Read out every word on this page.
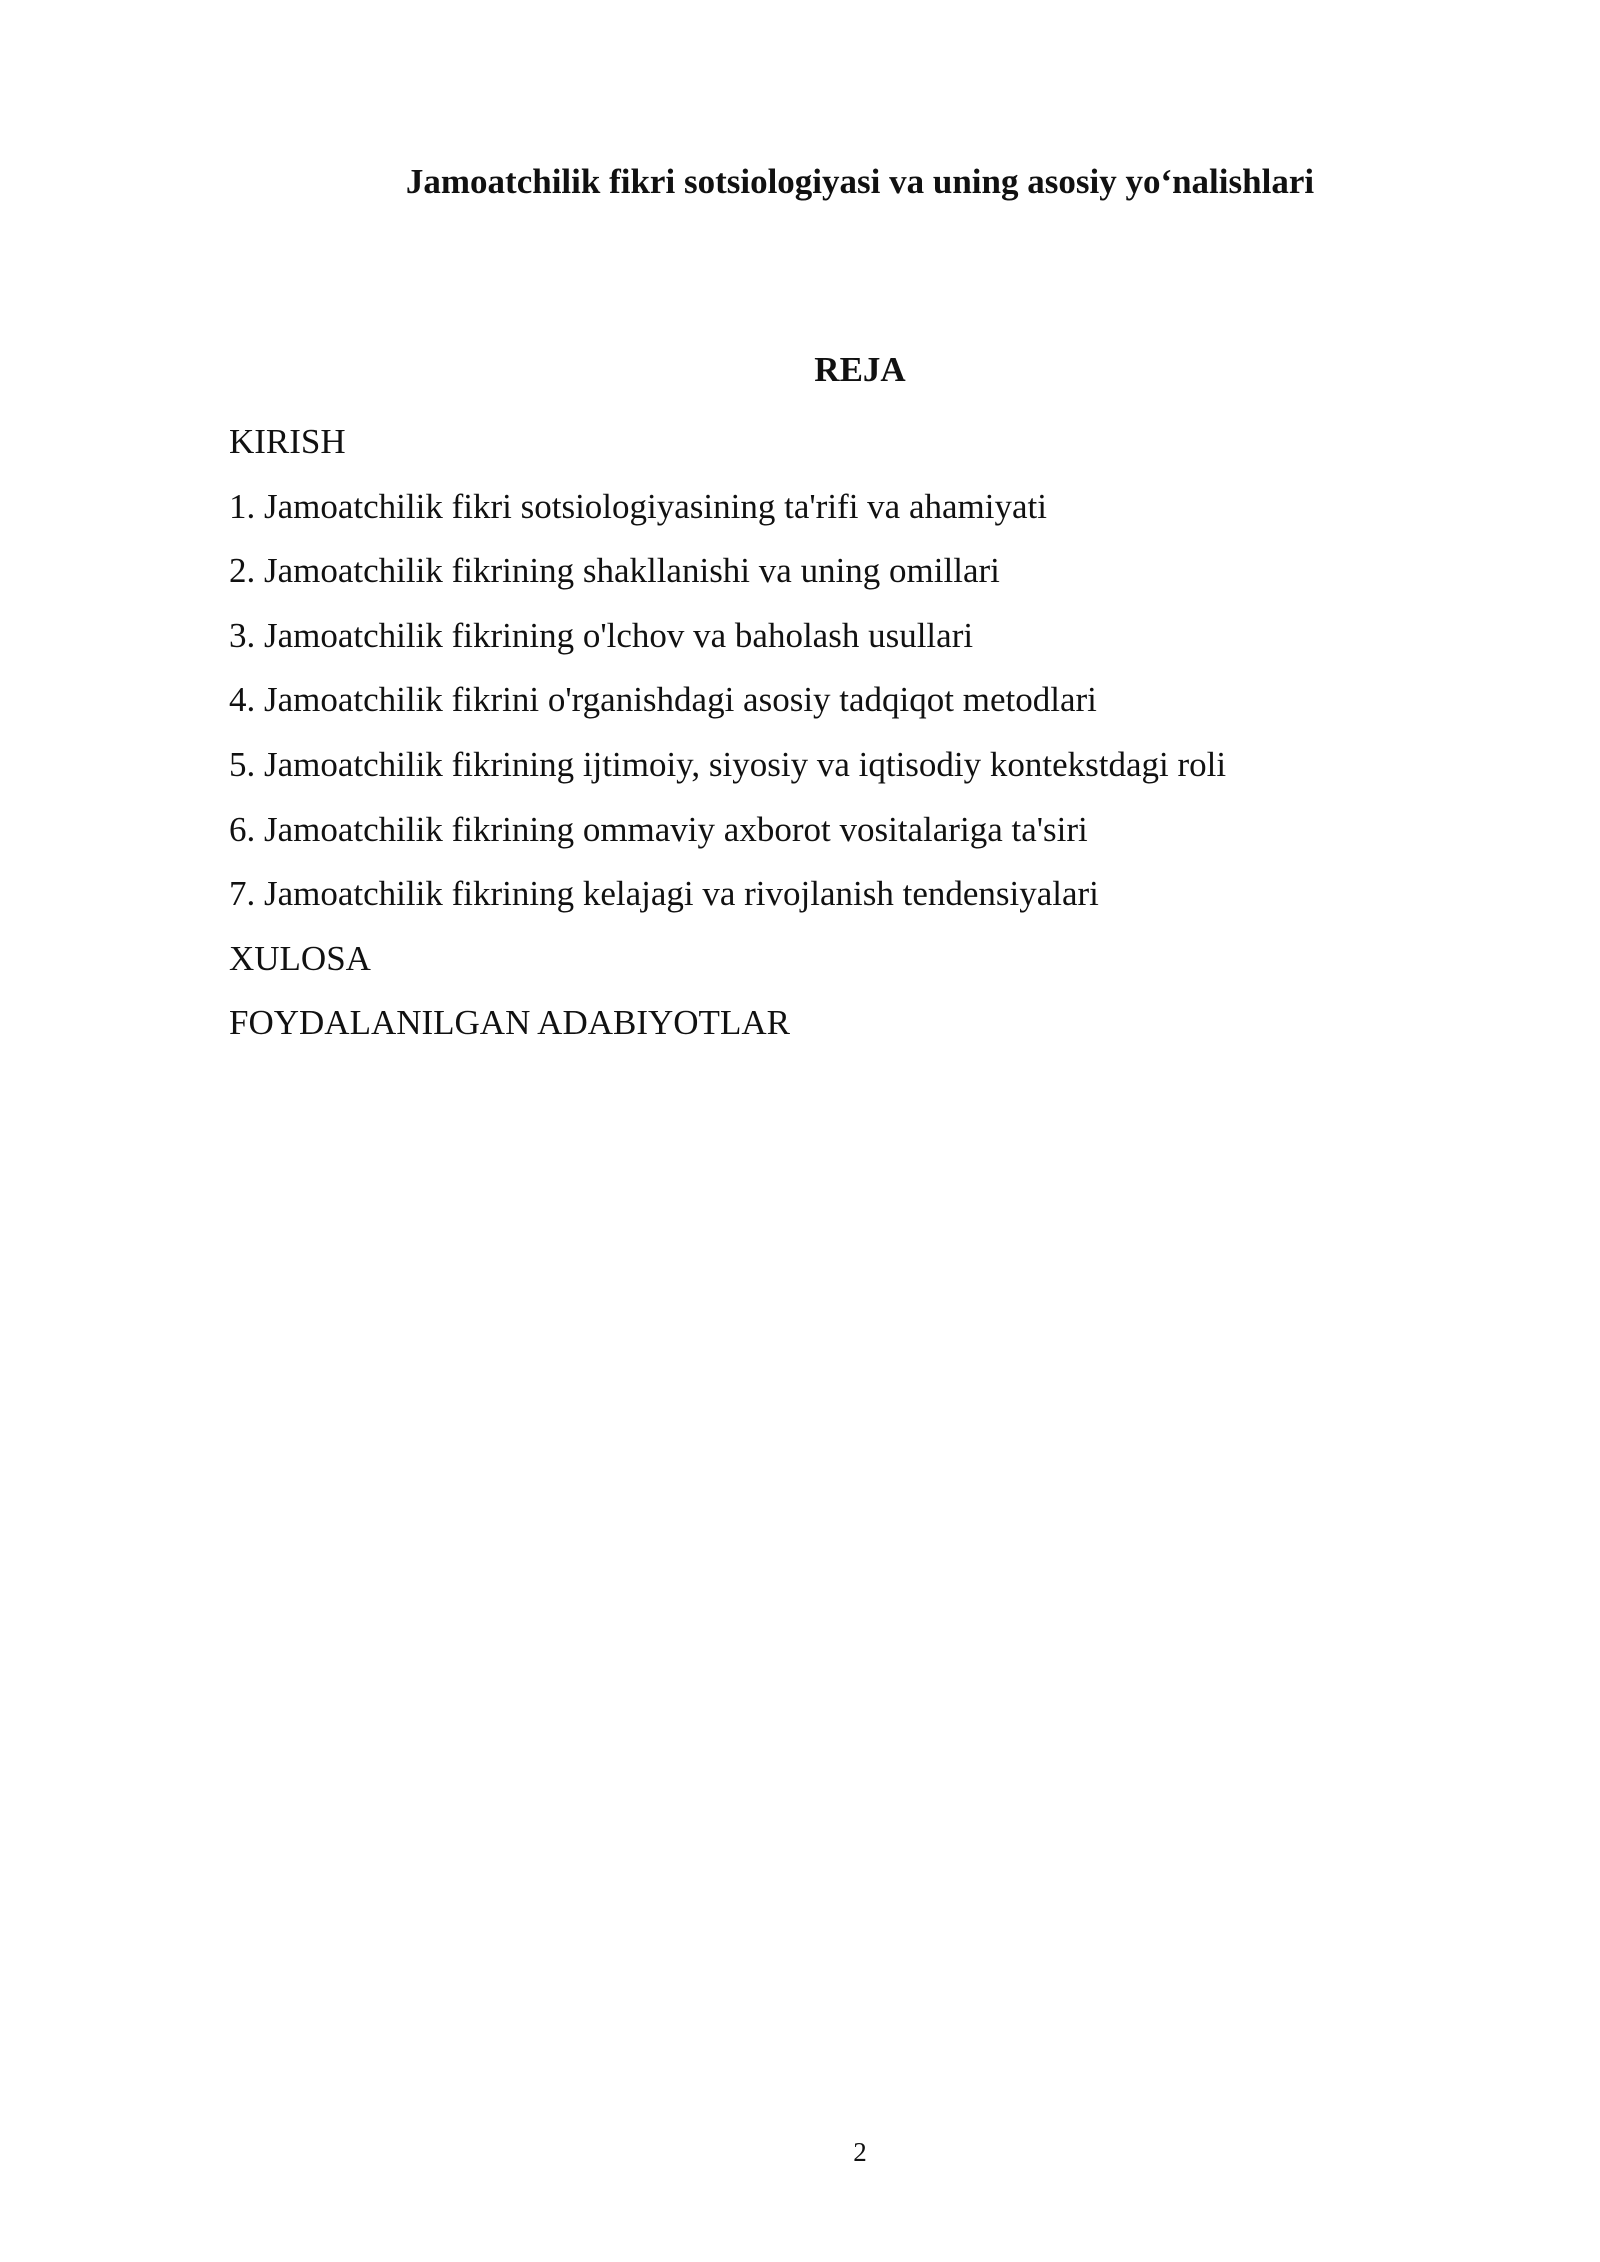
Jamoatchilik fikri sotsiologiyasi va uning asosiy yo‘nalishlari
REJA
KIRISH
1. Jamoatchilik fikri sotsiologiyasining ta'rifi va ahamiyati
2. Jamoatchilik fikrining shakllanishi va uning omillari
3. Jamoatchilik fikrining o'lchov va baholash usullari
4. Jamoatchilik fikrini o'rganishdagi asosiy tadqiqot metodlari
5. Jamoatchilik fikrining ijtimoiy, siyosiy va iqtisodiy kontekstdagi roli
6. Jamoatchilik fikrining ommaviy axborot vositalariga ta'siri
7. Jamoatchilik fikrining kelajagi va rivojlanish tendensiyalari
XULOSA
FOYDALANILGAN ADABIYOTLAR
2
